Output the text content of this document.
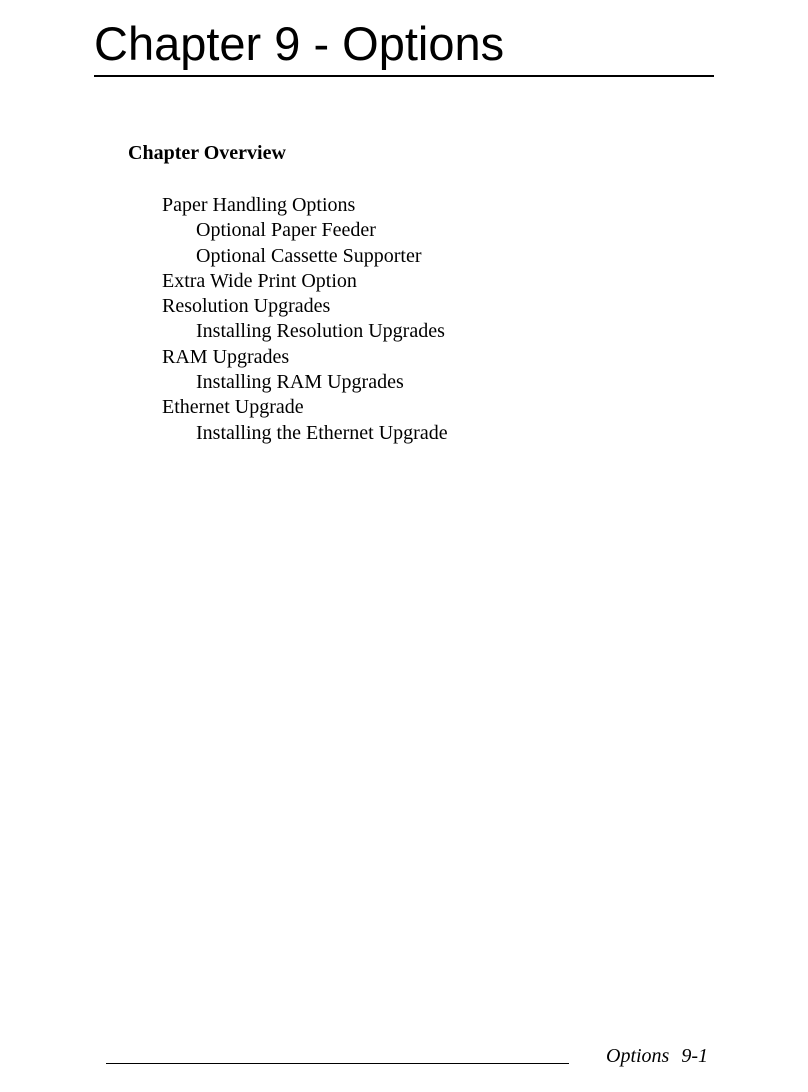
Chapter 9 - Options
Chapter Overview
Paper Handling Options
Optional Paper Feeder
Optional Cassette Supporter
Extra Wide Print Option
Resolution Upgrades
Installing Resolution Upgrades
RAM Upgrades
Installing RAM Upgrades
Ethernet Upgrade
Installing the Ethernet Upgrade
Options 9-1
